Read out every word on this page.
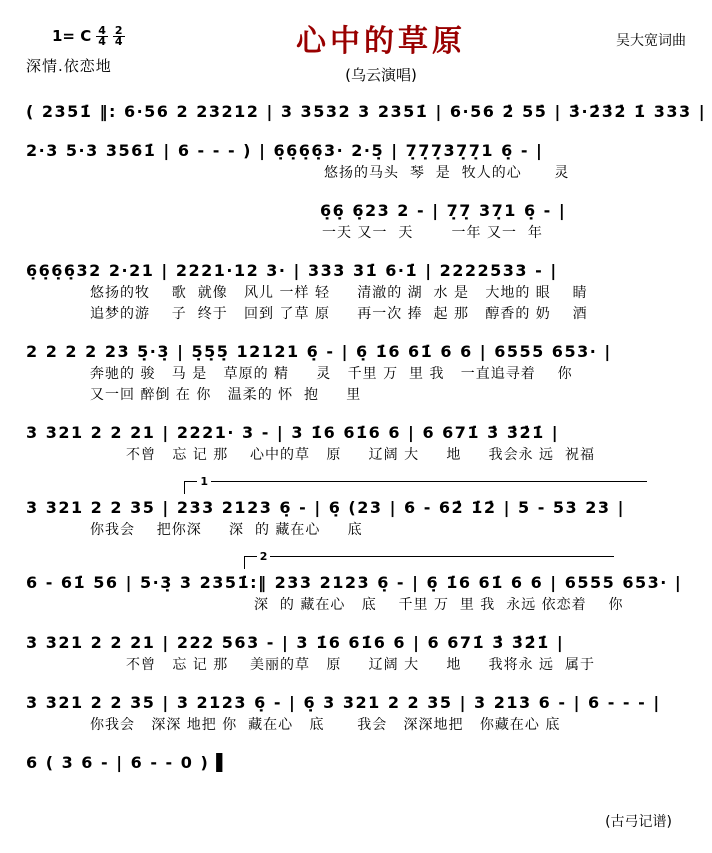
1= C $\frac{4}{4} \frac{2}{4}$
深情.依恋地
心中的草原
(乌云演唱)
吴大宽词曲
( 2351̇ ‖: 6·56 2 23212 | 3 3532 3 2351̇ | 6·56 2̇ 55̇ | 3̇·2̇3̇2̇ 1̇ 333 |
2·3 5·3 3561̇ | 6 - - - ) | 6̣6̣6̣6̣3· 2·5̣ | 7̣7̣7̣37̣7̣1 6̣ - |
悠扬的马头  琴  是  牧人的心      灵
6̣6̣ 6̣23 2 - | 7̣7̣ 37̣1 6̣ - |
一天 又一  天       一年 又一  年
6̣6̣6̣6̣32 2·21 | 2221·12 3· | 333 31̇ 6·1̇ | 2222533 - |
悠扬的牧    歌  就像   风儿 一样 轻     清澈的 湖  水 是   大地的 眼    睛
追梦的游    子  终于   回到 了草 原     再一次 捧  起 那   醇香的 奶    酒
2 2 2 2 23 5̣·3̣ | 5̣5̣5̣ 12121 6̣ - | 6̣ 1̇6 61̇ 6 6 | 6555 653· |
奔驰的 骏   马 是   草原的 精     灵   千里 万  里 我   一直追寻着    你
又一回 醉倒 在 你   温柔的 怀  抱     里
3 321 2 2 21 | 2221· 3 - | 3 1̇6 61̇6 6 | 6 671̇ 3̇ 3̇2̇1̇ |
不曾   忘 记 那    心中的草   原     辽阔 大     地     我会永 远  祝福
1
3 321 2 2 35 | 233 2123 6̣ - | 6̣ (23 | 6 - 62̇ 1̇2̇ | 5 - 53 23 |
你我会    把你深     深  的 藏在心     底
2
6 - 61̇ 56 | 5·3̣ 3 2351̇:‖ 233 2123 6̣ - | 6̣ 1̇6 61̇ 6 6 | 6555 653· |
深  的 藏在心   底    千里 万  里 我  永远 依恋着    你
3 321 2 2 21 | 222 563 - | 3 1̇6 61̇6 6 | 6 671̇ 3̇ 3̇2̇1̇ |
不曾   忘 记 那    美丽的草   原     辽阔 大     地     我将永 远  属于
3 321 2 2 35 | 3 2123 6̣ - | 6̣ 3 321 2 2 35 | 3 213 6 - | 6 - - - |
你我会   深深 地把 你  藏在心   底      我会   深深地把   你藏在心 底
6 ( 3 6 - | 6 - - 0 ) ▌
(古弓记谱)
